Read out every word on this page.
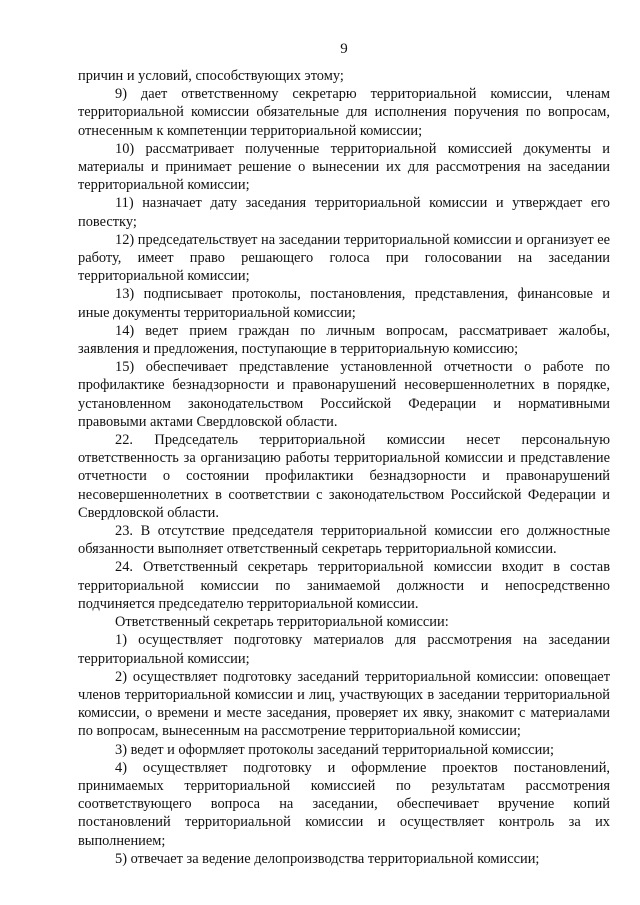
9

причин и условий, способствующих этому;

9) дает ответственному секретарю территориальной комиссии, членам территориальной комиссии обязательные для исполнения поручения по вопросам, отнесенным к компетенции территориальной комиссии;

10) рассматривает полученные территориальной комиссией документы и материалы и принимает решение о вынесении их для рассмотрения на заседании территориальной комиссии;

11) назначает дату заседания территориальной комиссии и утверждает его повестку;

12) председательствует на заседании территориальной комиссии и организует ее работу, имеет право решающего голоса при голосовании на заседании территориальной комиссии;

13) подписывает протоколы, постановления, представления, финансовые и иные документы территориальной комиссии;

14) ведет прием граждан по личным вопросам, рассматривает жалобы, заявления и предложения, поступающие в территориальную комиссию;

15) обеспечивает представление установленной отчетности о работе по профилактике безнадзорности и правонарушений несовершеннолетних в порядке, установленном законодательством Российской Федерации и нормативными правовыми актами Свердловской области.

22. Председатель территориальной комиссии несет персональную ответственность за организацию работы территориальной комиссии и представление отчетности о состоянии профилактики безнадзорности и правонарушений несовершеннолетних в соответствии с законодательством Российской Федерации и Свердловской области.

23. В отсутствие председателя территориальной комиссии его должностные обязанности выполняет ответственный секретарь территориальной комиссии.

24. Ответственный секретарь территориальной комиссии входит в состав территориальной комиссии по занимаемой должности и непосредственно подчиняется председателю территориальной комиссии.

Ответственный секретарь территориальной комиссии:

1) осуществляет подготовку материалов для рассмотрения на заседании территориальной комиссии;

2) осуществляет подготовку заседаний территориальной комиссии: оповещает членов территориальной комиссии и лиц, участвующих в заседании территориальной комиссии, о времени и месте заседания, проверяет их явку, знакомит с материалами по вопросам, вынесенным на рассмотрение территориальной комиссии;

3) ведет и оформляет протоколы заседаний территориальной комиссии;

4) осуществляет подготовку и оформление проектов постановлений, принимаемых территориальной комиссией по результатам рассмотрения соответствующего вопроса на заседании, обеспечивает вручение копий постановлений территориальной комиссии и осуществляет контроль за их выполнением;

5) отвечает за ведение делопроизводства территориальной комиссии;
